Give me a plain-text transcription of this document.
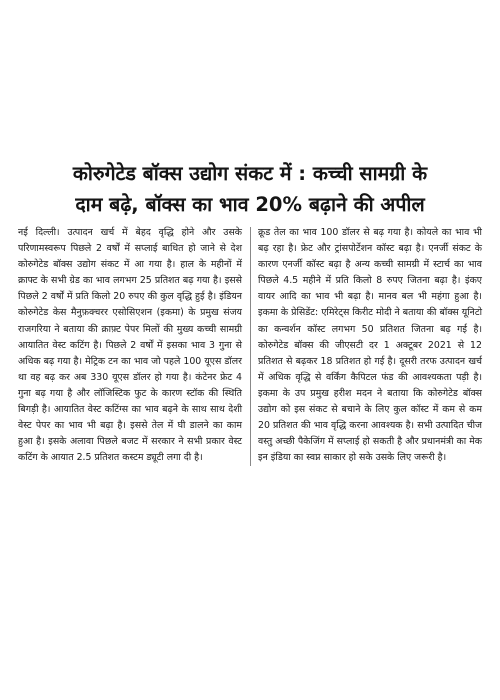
कोरुगेटेड बॉक्स उद्योग संकट में : कच्ची सामग्री के
दाम बढ़े, बॉक्स का भाव 20% बढ़ाने की अपील

नई दिल्ली। उत्पादन खर्च में बेहद वृद्धि होने और उसके परिणामस्वरूप पिछले 2 वर्षों में सप्लाई बाधित हो जाने से देश कोरुगेटेड बॉक्स उद्योग संकट में आ गया है। हाल के महीनों में क्राफ्ट के सभी ग्रेड का भाव लगभग 25 प्रतिशत बढ़ गया है। इससे पिछले 2 वर्षों में प्रति किलो 20 रुपए की कुल वृद्धि हुई है। इंडियन कोरुगेटेड केस मैनुफ़क्चरर एसोसिएशन (इकमा) के प्रमुख संजय राजगरिया ने बताया की क्राफ़्ट पेपर मिलों की मुख्य कच्ची सामग्री आयातित वेस्ट कटिंग है। पिछले 2 वर्षों में इसका भाव 3 गुना से अधिक बढ़ गया है। मेट्रिक टन का भाव जो पहले 100 यूएस डॉलर था वह बढ़ कर अब 330 यूएस डॉलर हो गया है। कंटेनर फ्रेट 4 गुना बढ़ गया है और लॉजिस्टिक फुट के कारण स्टॉक की स्थिति बिगड़ी है। आयातित वेस्ट कटिंग्स का भाव बढ़ने के साथ साथ देशी वेस्ट पेपर का भाव भी बढ़ा है। इससे तेल में घी डालने का काम हुआ है। इसके अलावा पिछले बजट में सरकार ने सभी प्रकार वेस्ट कटिंग के आयात 2.5 प्रतिशत कस्टम ड्यूटी लगा दी है।

क्रूड तेल का भाव 100 डॉलर से बढ़ गया है। कोयले का भाव भी बढ़ रहा है। फ्रेट और ट्रांसपोर्टेशन कॉस्ट बढ़ा है। एनर्जी संकट के कारण एनर्जी कॉस्ट बढ़ा है अन्य कच्ची सामग्री में स्टार्च का भाव पिछले 4.5 महीने में प्रति किलो 8 रुपए जितना बढ़ा है। इंकए वायर आदि का भाव भी बढ़ा है। मानव बल भी महंगा हुआ है। इकमा के प्रेसिडेंट: एमिरेट्स किरीट मोदी ने बताया की बॉक्स यूनिटो का कन्वर्शन कॉस्ट लगभग 50 प्रतिशत जितना बढ़ गई है। कोरुगेटेड बॉक्स की जीएसटी दर 1 अक्टूबर 2021 से 12 प्रतिशत से बढ़कर 18 प्रतिशत हो गई है। दूसरी तरफ उत्पादन खर्च में अधिक वृद्धि से वर्किंग कैपिटल फंड की आवश्यकता पड़ी है। इकमा के उप प्रमुख हरीश मदन ने बताया कि कोरुगेटेड बॉक्स उद्योग को इस संकट से बचाने के लिए कुल कॉस्ट में कम से कम 20 प्रतिशत की भाव वृद्धि करना आवश्यक है। सभी उत्पादित चीज वस्तु अच्छी पैकेजिंग में सप्लाई हो सकती है और प्रधानमंत्री का मेक इन इंडिया का स्वप्न साकार हो सके उसके लिए जरूरी है।
